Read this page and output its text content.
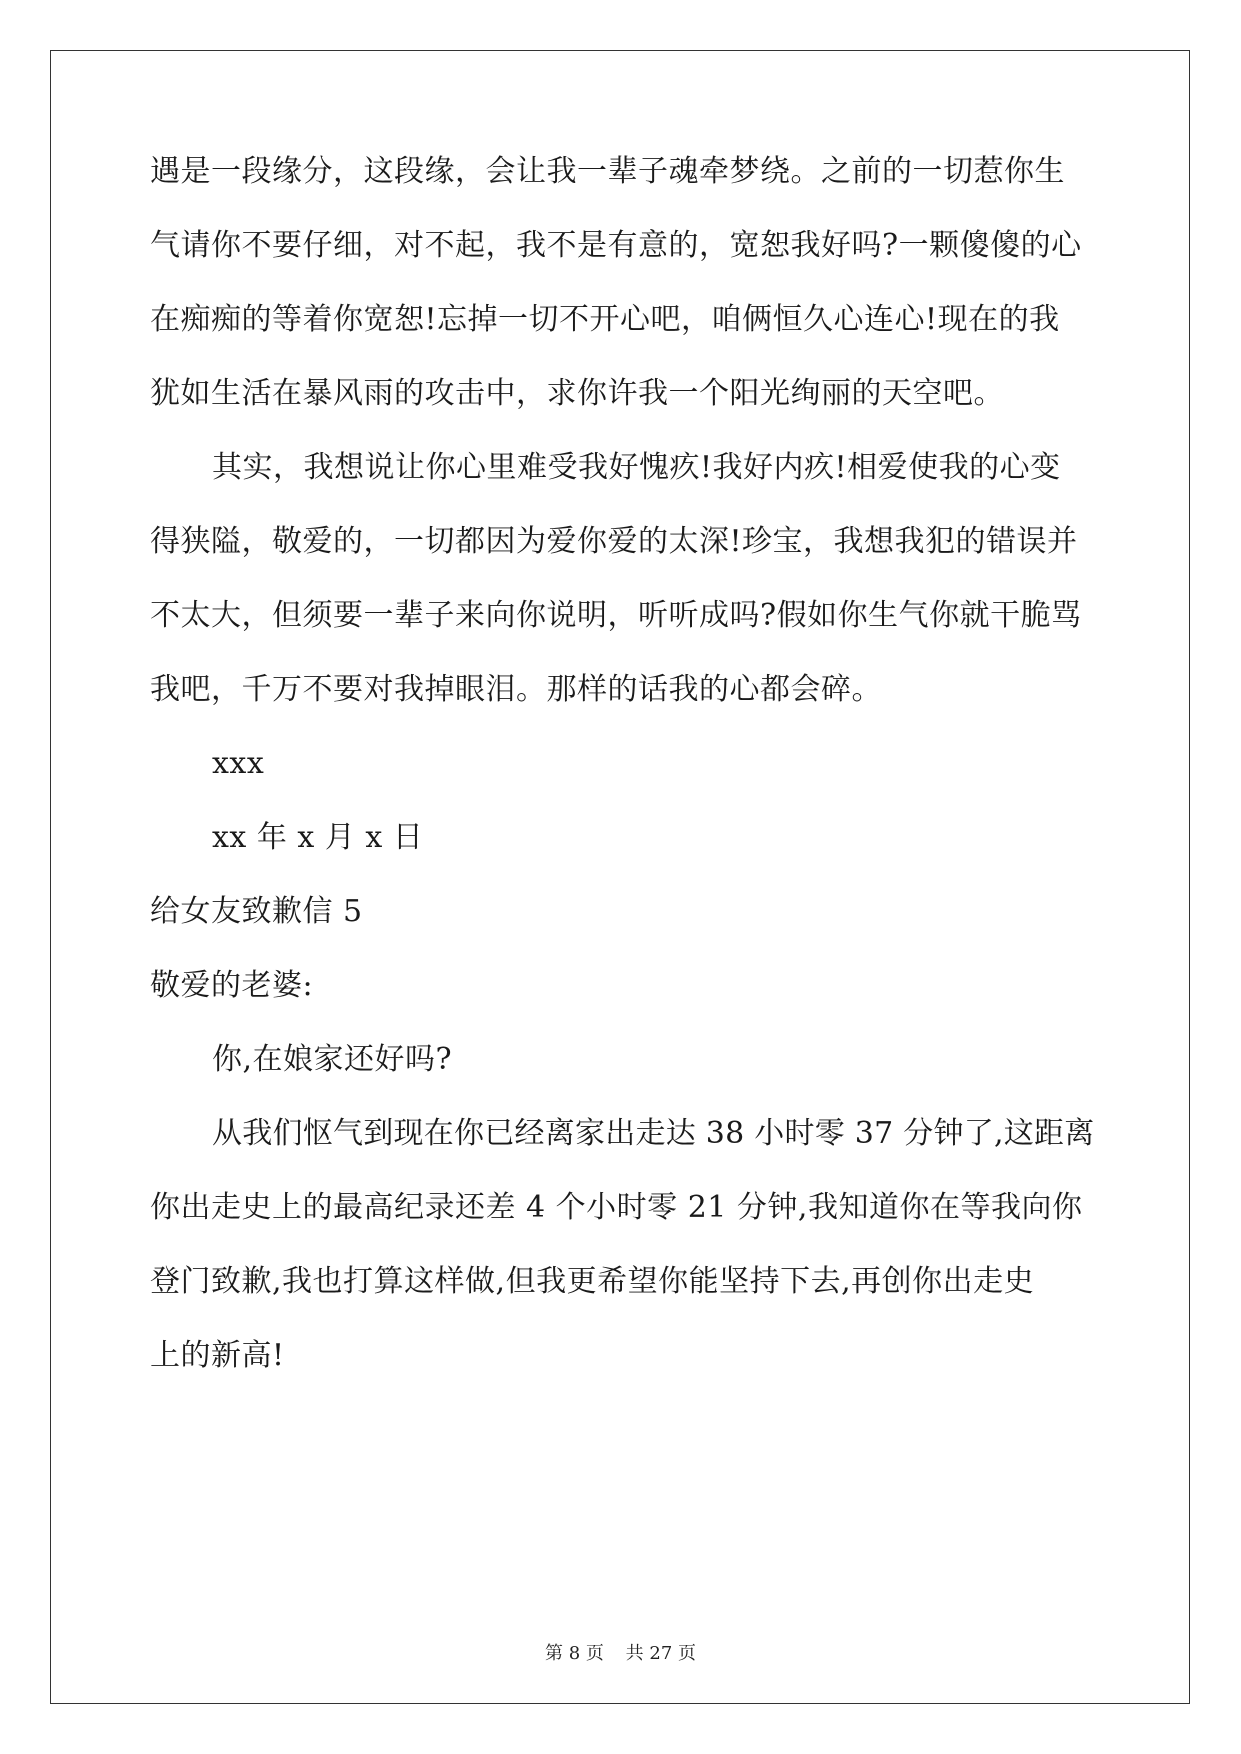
遇是一段缘分，这段缘，会让我一辈子魂牵梦绕。之前的一切惹你生
气请你不要仔细，对不起，我不是有意的，宽恕我好吗?一颗傻傻的心
在痴痴的等着你宽恕!忘掉一切不开心吧，咱俩恒久心连心!现在的我
犹如生活在暴风雨的攻击中，求你许我一个阳光绚丽的天空吧。
其实，我想说让你心里难受我好愧疚!我好内疚!相爱使我的心变
得狭隘，敬爱的，一切都因为爱你爱的太深!珍宝，我想我犯的错误并
不太大，但须要一辈子来向你说明，听听成吗?假如你生气你就干脆骂
我吧，千万不要对我掉眼泪。那样的话我的心都会碎。
xxx
xx 年 x 月 x 日
给女友致歉信 5
敬爱的老婆:
你,在娘家还好吗?
从我们怄气到现在你已经离家出走达 38 小时零 37 分钟了,这距离
你出走史上的最高纪录还差 4 个小时零 21 分钟,我知道你在等我向你
登门致歉,我也打算这样做,但我更希望你能坚持下去,再创你出走史
上的新高!
第 8 页 共 27 页
